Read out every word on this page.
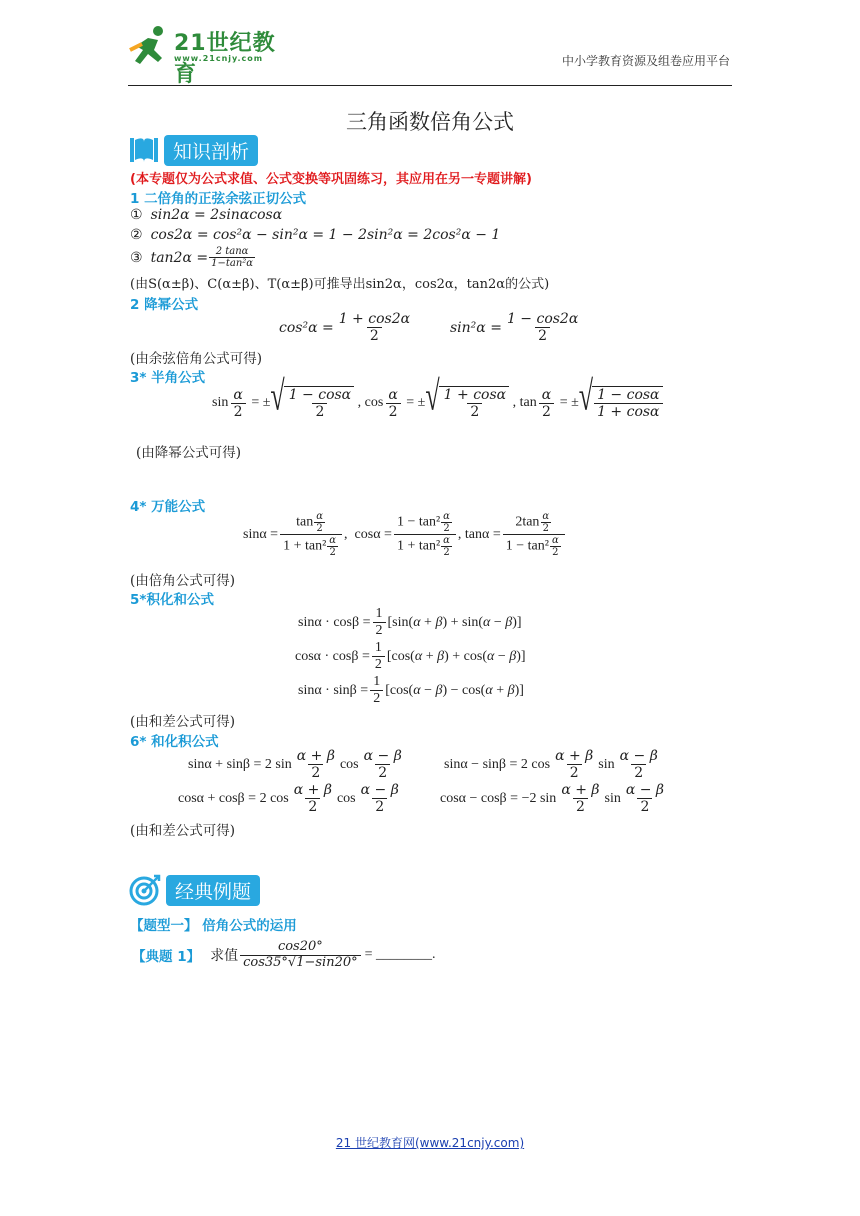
21世纪教育
www.21cnjy.com	中小学教育资源及组卷应用平台
三角函数倍角公式
知识剖析
(本专题仅为公式求值、公式变换等巩固练习，其应用在另一专题讲解)
1 二倍角的正弦余弦正切公式
① sin2α = 2sinαcosα
② cos2α = cos²α − sin²α = 1 − 2sin²α = 2cos²α − 1
③ $\tan 2\alpha = \frac{2 \tan\alpha}{\text{1−tan²α}}$
(由S(α±β)、C(α±β)、T(α±β)可推导出sin2α，cos2α，tan2α的公式)
2 降幂公式
$\cos^2\alpha = \frac{1 + \cos 2\alpha}{2}$	$\sin^2\alpha = \frac{1 - \cos 2\alpha}{2}$
(由余弦倍角公式可得)
3* 半角公式
$\sin \frac{\alpha}{2}$ = ± √ $\frac{1 - \cos\alpha}{2}$ , $\cos \frac{\alpha}{2}$ = ± √ $\frac{1 + \cos\alpha}{2}$ , $\tan \frac{\alpha}{2}$ = ± √ $\frac{1 - \cos\alpha}{1 + \cos\alpha}$
(由降幂公式可得)
4* 万能公式
$\sin\alpha = \frac{\tan \frac{\alpha}{2}}{1 + \tan^2 \frac{\alpha}{2}}$ ,  $\cos\alpha = \frac{1 - \tan^2 \frac{\alpha}{2}}{1 + \tan^2 \frac{\alpha}{2}}$ , $\tan\alpha = \frac{2\tan \frac{\alpha}{2}}{1 - \tan^2 \frac{\alpha}{2}}$
(由倍角公式可得)
5*积化和公式
$\sin\alpha \cdot \cos\beta = \frac{1}{2} [\sin(\alpha + \beta) + \sin(\alpha - \beta)]$
$\cos\alpha \cdot \cos\beta = \frac{1}{2} [\cos(\alpha + \beta) + \cos(\alpha - \beta)]$
$\sin\alpha \cdot \sin\beta = \frac{1}{2} [\cos(\alpha - \beta) - \cos(\alpha + \beta)]$
(由和差公式可得)
6* 和化积公式
sinα + sinβ = 2 $\sin \frac{\alpha + \beta}{2}$ $\cos \frac{\alpha - \beta}{2}$	sinα − sinβ = 2 $\cos \frac{\alpha + \beta}{2}$ $\sin \frac{\alpha - \beta}{2}$
cosα + cosβ = 2 $\cos \frac{\alpha + \beta}{2}$ $\cos \frac{\alpha - \beta}{2}$	cosα − cosβ = −2 $\sin \frac{\alpha + \beta}{2}$ $\sin \frac{\alpha - \beta}{2}$
(由和差公式可得)
经典例题
【题型一】 倍角公式的运用
【典题 1】 求值 $\frac{\cos 20^\circ}{\cos 35^\circ√1-\sin 20^\circ}$ = ________.
21 世纪教育网(www.21cnjy.com)
